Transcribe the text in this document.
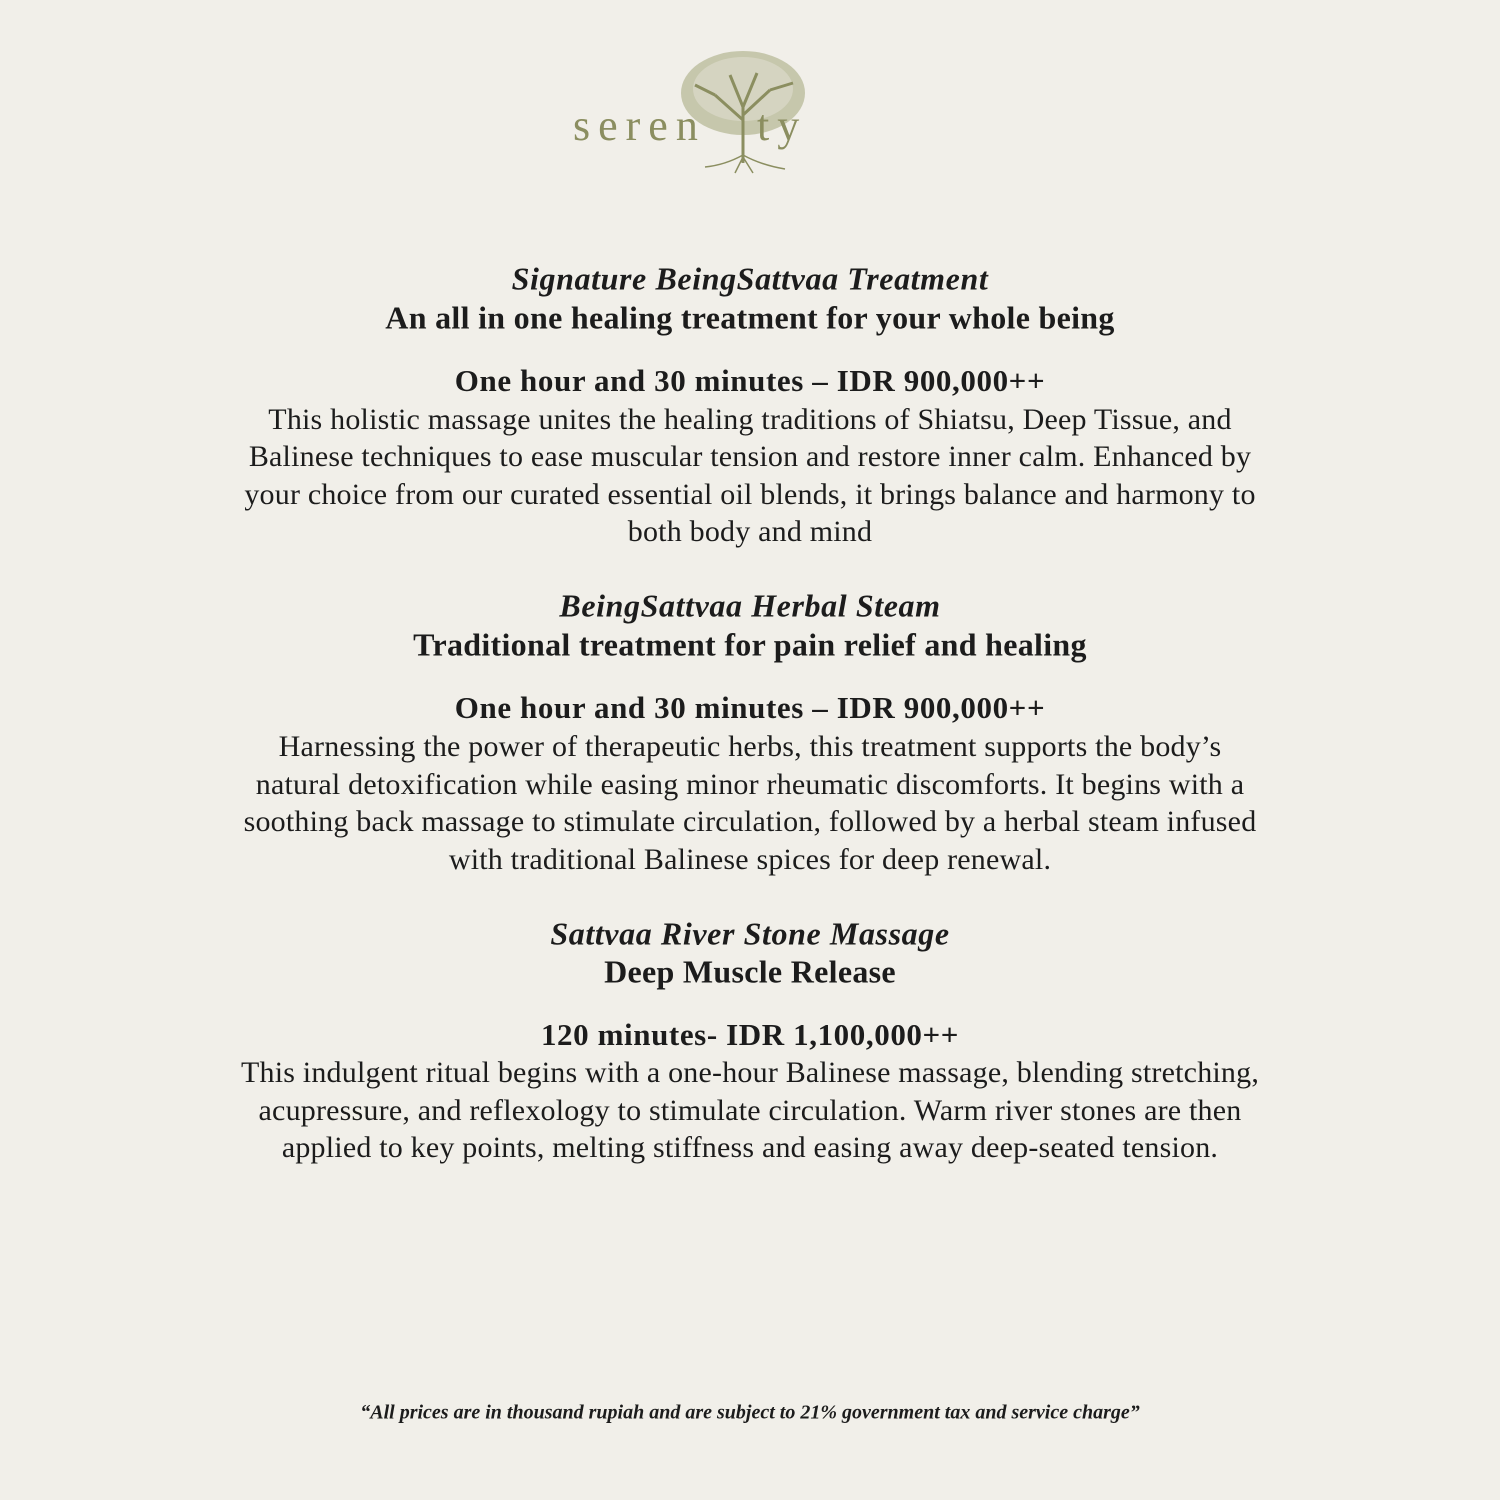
seren ty
Signature BeingSattvaa Treatment
An all in one healing treatment for your whole being
One hour and 30 minutes – IDR 900,000++
This holistic massage unites the healing traditions of Shiatsu, Deep Tissue, and
Balinese techniques to ease muscular tension and restore inner calm. Enhanced by
your choice from our curated essential oil blends, it brings balance and harmony to
both body and mind
BeingSattvaa Herbal Steam
Traditional treatment for pain relief and healing
One hour and 30 minutes – IDR 900,000++
Harnessing the power of therapeutic herbs, this treatment supports the body’s
natural detoxification while easing minor rheumatic discomforts. It begins with a
soothing back massage to stimulate circulation, followed by a herbal steam infused
with traditional Balinese spices for deep renewal.
Sattvaa River Stone Massage
Deep Muscle Release
120 minutes- IDR 1,100,000++
This indulgent ritual begins with a one-hour Balinese massage, blending stretching,
acupressure, and reflexology to stimulate circulation. Warm river stones are then
applied to key points, melting stiffness and easing away deep-seated tension.
“All prices are in thousand rupiah and are subject to 21% government tax and service charge”
